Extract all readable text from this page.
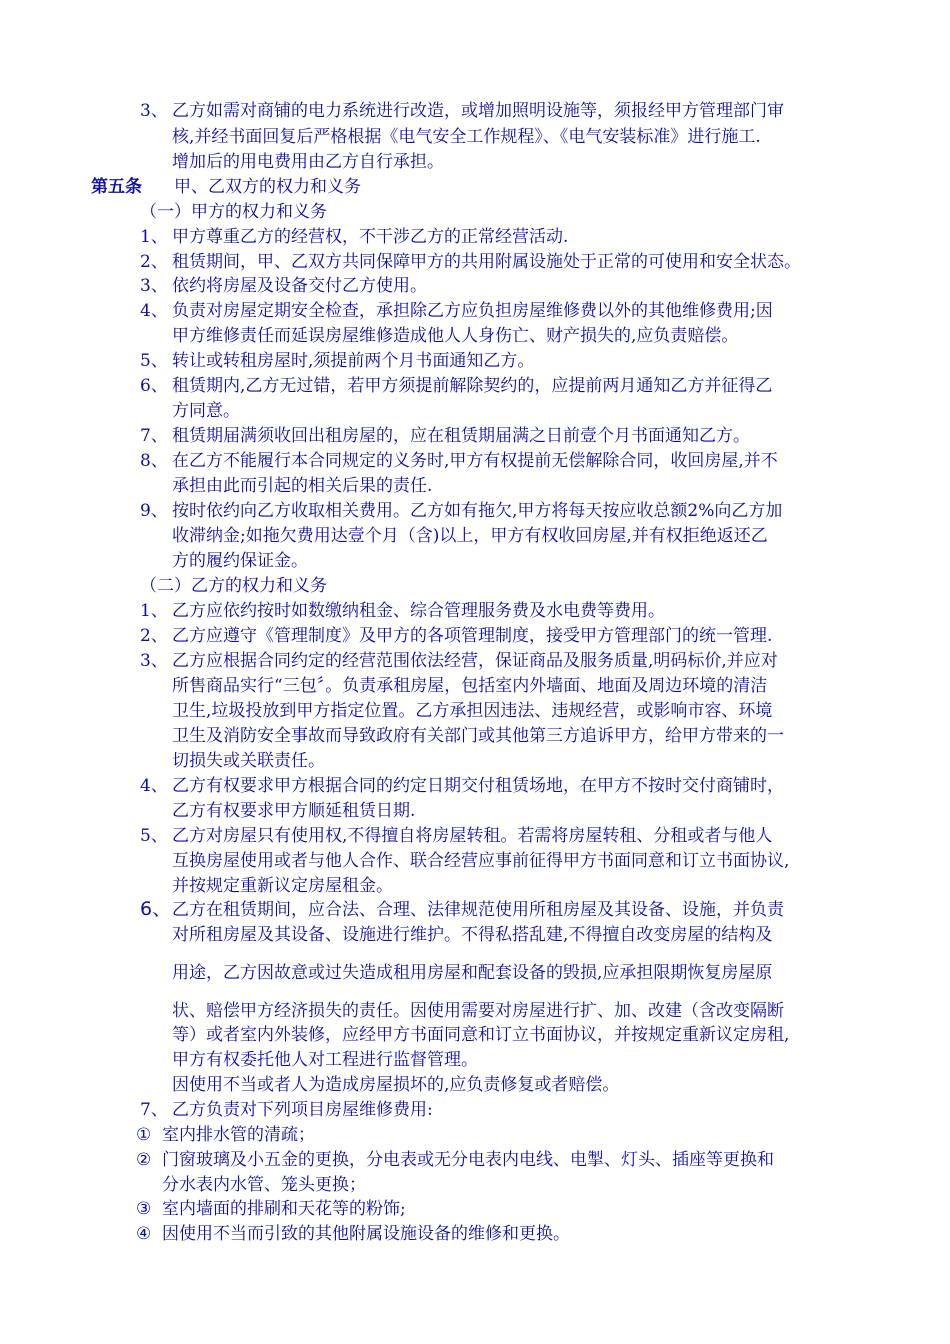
3、 乙方如需对商铺的电力系统进行改造，或增加照明设施等，须报经甲方管理部门审
核,并经书面回复后严格根据《电气安全工作规程》、《电气安装标准》进行施工.
增加后的用电费用由乙方自行承担。
第五条 甲、乙双方的权力和义务
（一）甲方的权力和义务
1、 甲方尊重乙方的经营权，不干涉乙方的正常经营活动.
2、 租赁期间，甲、乙双方共同保障甲方的共用附属设施处于正常的可使用和安全状态。
3、 依约将房屋及设备交付乙方使用。
4、 负责对房屋定期安全检查，承担除乙方应负担房屋维修费以外的其他维修费用;因
甲方维修责任而延误房屋维修造成他人人身伤亡、财产损失的,应负责赔偿。
5、 转让或转租房屋时,须提前两个月书面通知乙方。
6、 租赁期内,乙方无过错，若甲方须提前解除契约的，应提前两月通知乙方并征得乙
方同意。
7、 租赁期届满须收回出租房屋的，应在租赁期届满之日前壹个月书面通知乙方。
8、 在乙方不能履行本合同规定的义务时,甲方有权提前无偿解除合同，收回房屋,并不
承担由此而引起的相关后果的责任.
9、 按时依约向乙方收取相关费用。乙方如有拖欠,甲方将每天按应收总额2%向乙方加
收滞纳金;如拖欠费用达壹个月（含)以上，甲方有权收回房屋,并有权拒绝返还乙
方的履约保证金。
（二）乙方的权力和义务
1、 乙方应依约按时如数缴纳租金、综合管理服务费及水电费等费用。
2、 乙方应遵守《管理制度》及甲方的各项管理制度，接受甲方管理部门的统一管理.
3、 乙方应根据合同约定的经营范围依法经营，保证商品及服务质量,明码标价,并应对
所售商品实行“三包〞。负责承租房屋，包括室内外墙面、地面及周边环境的清洁
卫生,垃圾投放到甲方指定位置。乙方承担因违法、违规经营，或影响市容、环境
卫生及消防安全事故而导致政府有关部门或其他第三方追诉甲方，给甲方带来的一
切损失或关联责任。
4、 乙方有权要求甲方根据合同的约定日期交付租赁场地，在甲方不按时交付商铺时，
乙方有权要求甲方顺延租赁日期.
5、 乙方对房屋只有使用权,不得擅自将房屋转租。若需将房屋转租、分租或者与他人
互换房屋使用或者与他人合作、联合经营应事前征得甲方书面同意和订立书面协议,
并按规定重新议定房屋租金。
6、乙方在租赁期间，应合法、合理、法律规范使用所租房屋及其设备、设施，并负责
对所租房屋及其设备、设施进行维护。不得私搭乱建,不得擅自改变房屋的结构及
用途，乙方因故意或过失造成租用房屋和配套设备的毁损,应承担限期恢复房屋原
状、赔偿甲方经济损失的责任。因使用需要对房屋进行扩、加、改建（含改变隔断
等）或者室内外装修，应经甲方书面同意和订立书面协议，并按规定重新议定房租,
甲方有权委托他人对工程进行监督管理。
因使用不当或者人为造成房屋损坏的,应负责修复或者赔偿。
7、 乙方负责对下列项目房屋维修费用:
① 室内排水管的清疏；
② 门窗玻璃及小五金的更换，分电表或无分电表内电线、电掣、灯头、插座等更换和
分水表内水管、笼头更换；
③ 室内墙面的排刷和天花等的粉饰;
④ 因使用不当而引致的其他附属设施设备的维修和更换。
